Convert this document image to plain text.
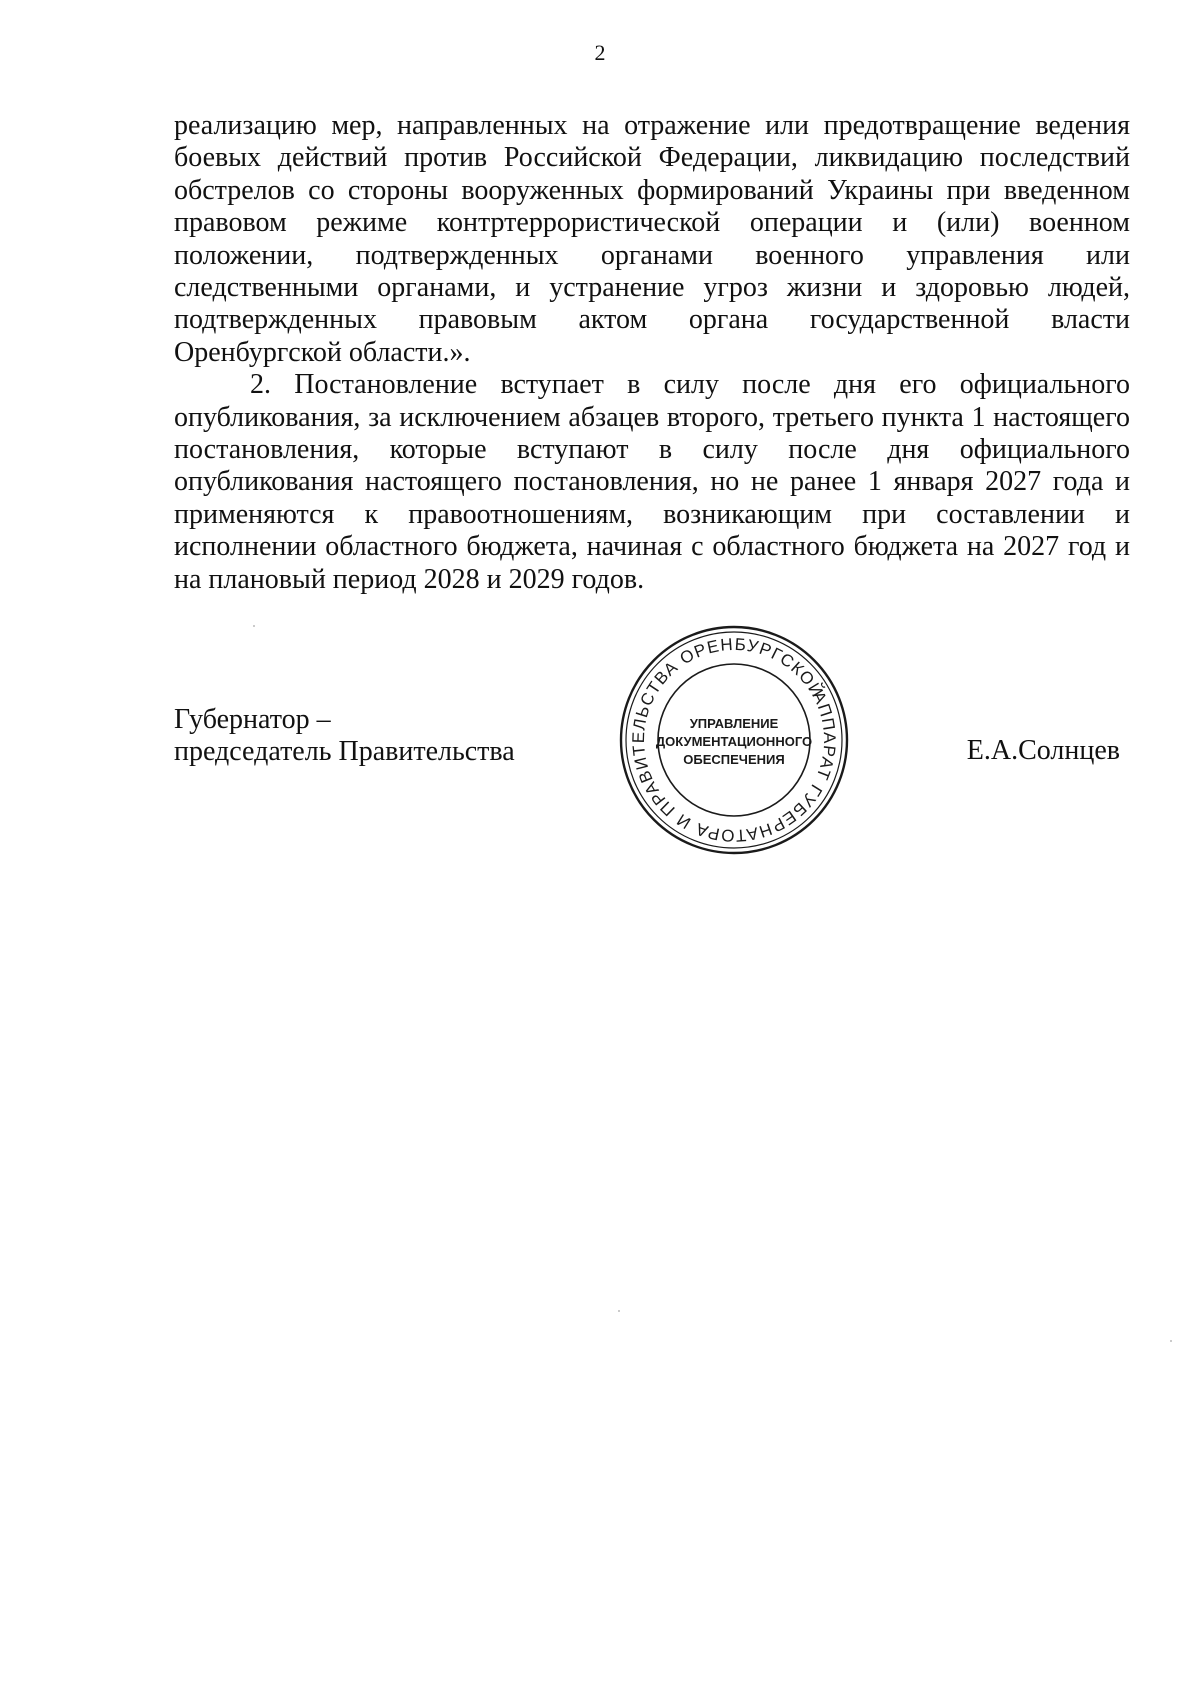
2

реализацию мер, направленных на отражение или предотвращение ведения боевых действий против Российской Федерации, ликвидацию последствий обстрелов со стороны вооруженных формирований Украины при введенном правовом режиме контртеррористической операции и (или) военном положении, подтвержденных органами военного управления или следственными органами, и устранение угроз жизни и здоровью людей, подтвержденных правовым актом органа государственной власти Оренбургской области.».

2. Постановление вступает в силу после дня его официального опубликования, за исключением абзацев второго, третьего пункта 1 настоящего постановления, которые вступают в силу после дня официального опубликования настоящего постановления, но не ранее 1 января 2027 года и применяются к правоотношениям, возникающим при составлении и исполнении областного бюджета, начиная с областного бюджета на 2027 год и на плановый период 2028 и 2029 годов.

Губернатор –
председатель Правительства
АППАРАТ ГУБЕРНАТОРА И ПРАВИТЕЛЬСТВА ОРЕНБУРГСКОЙ
УПРАВЛЕНИЕ
ДОКУМЕНТАЦИОННОГО
ОБЕСПЕЧЕНИЯ	Е.А.Солнцев
